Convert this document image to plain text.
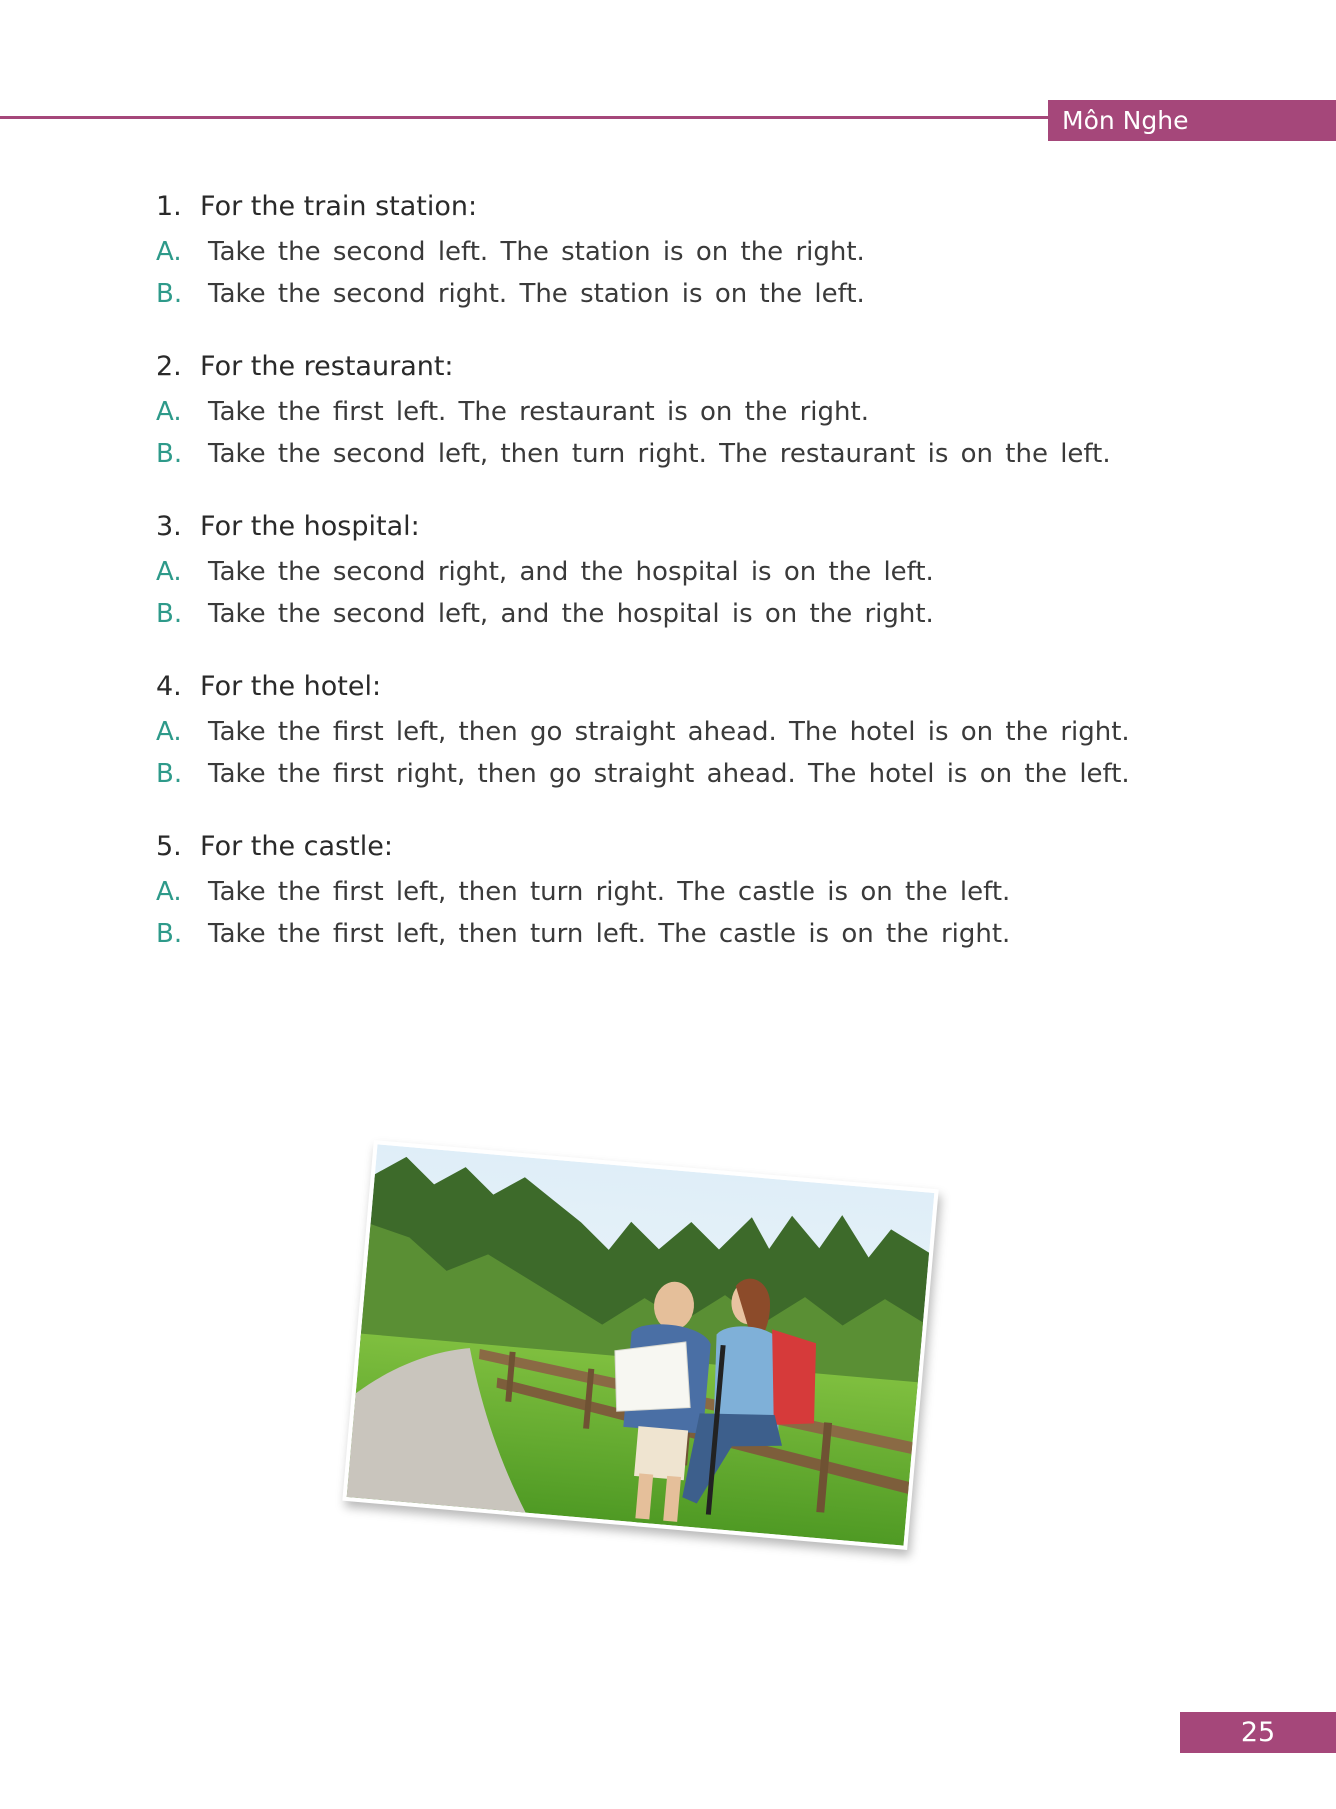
Môn Nghe
1. For the train station:
A. Take the second left. The station is on the right.
B. Take the second right. The station is on the left.
2. For the restaurant:
A. Take the first left. The restaurant is on the right.
B. Take the second left, then turn right. The restaurant is on the left.
3. For the hospital:
A. Take the second right, and the hospital is on the left.
B. Take the second left, and the hospital is on the right.
4. For the hotel:
A. Take the first left, then go straight ahead. The hotel is on the right.
B. Take the first right, then go straight ahead. The hotel is on the left.
5. For the castle:
A. Take the first left, then turn right. The castle is on the left.
B. Take the first left, then turn left. The castle is on the right.
25
